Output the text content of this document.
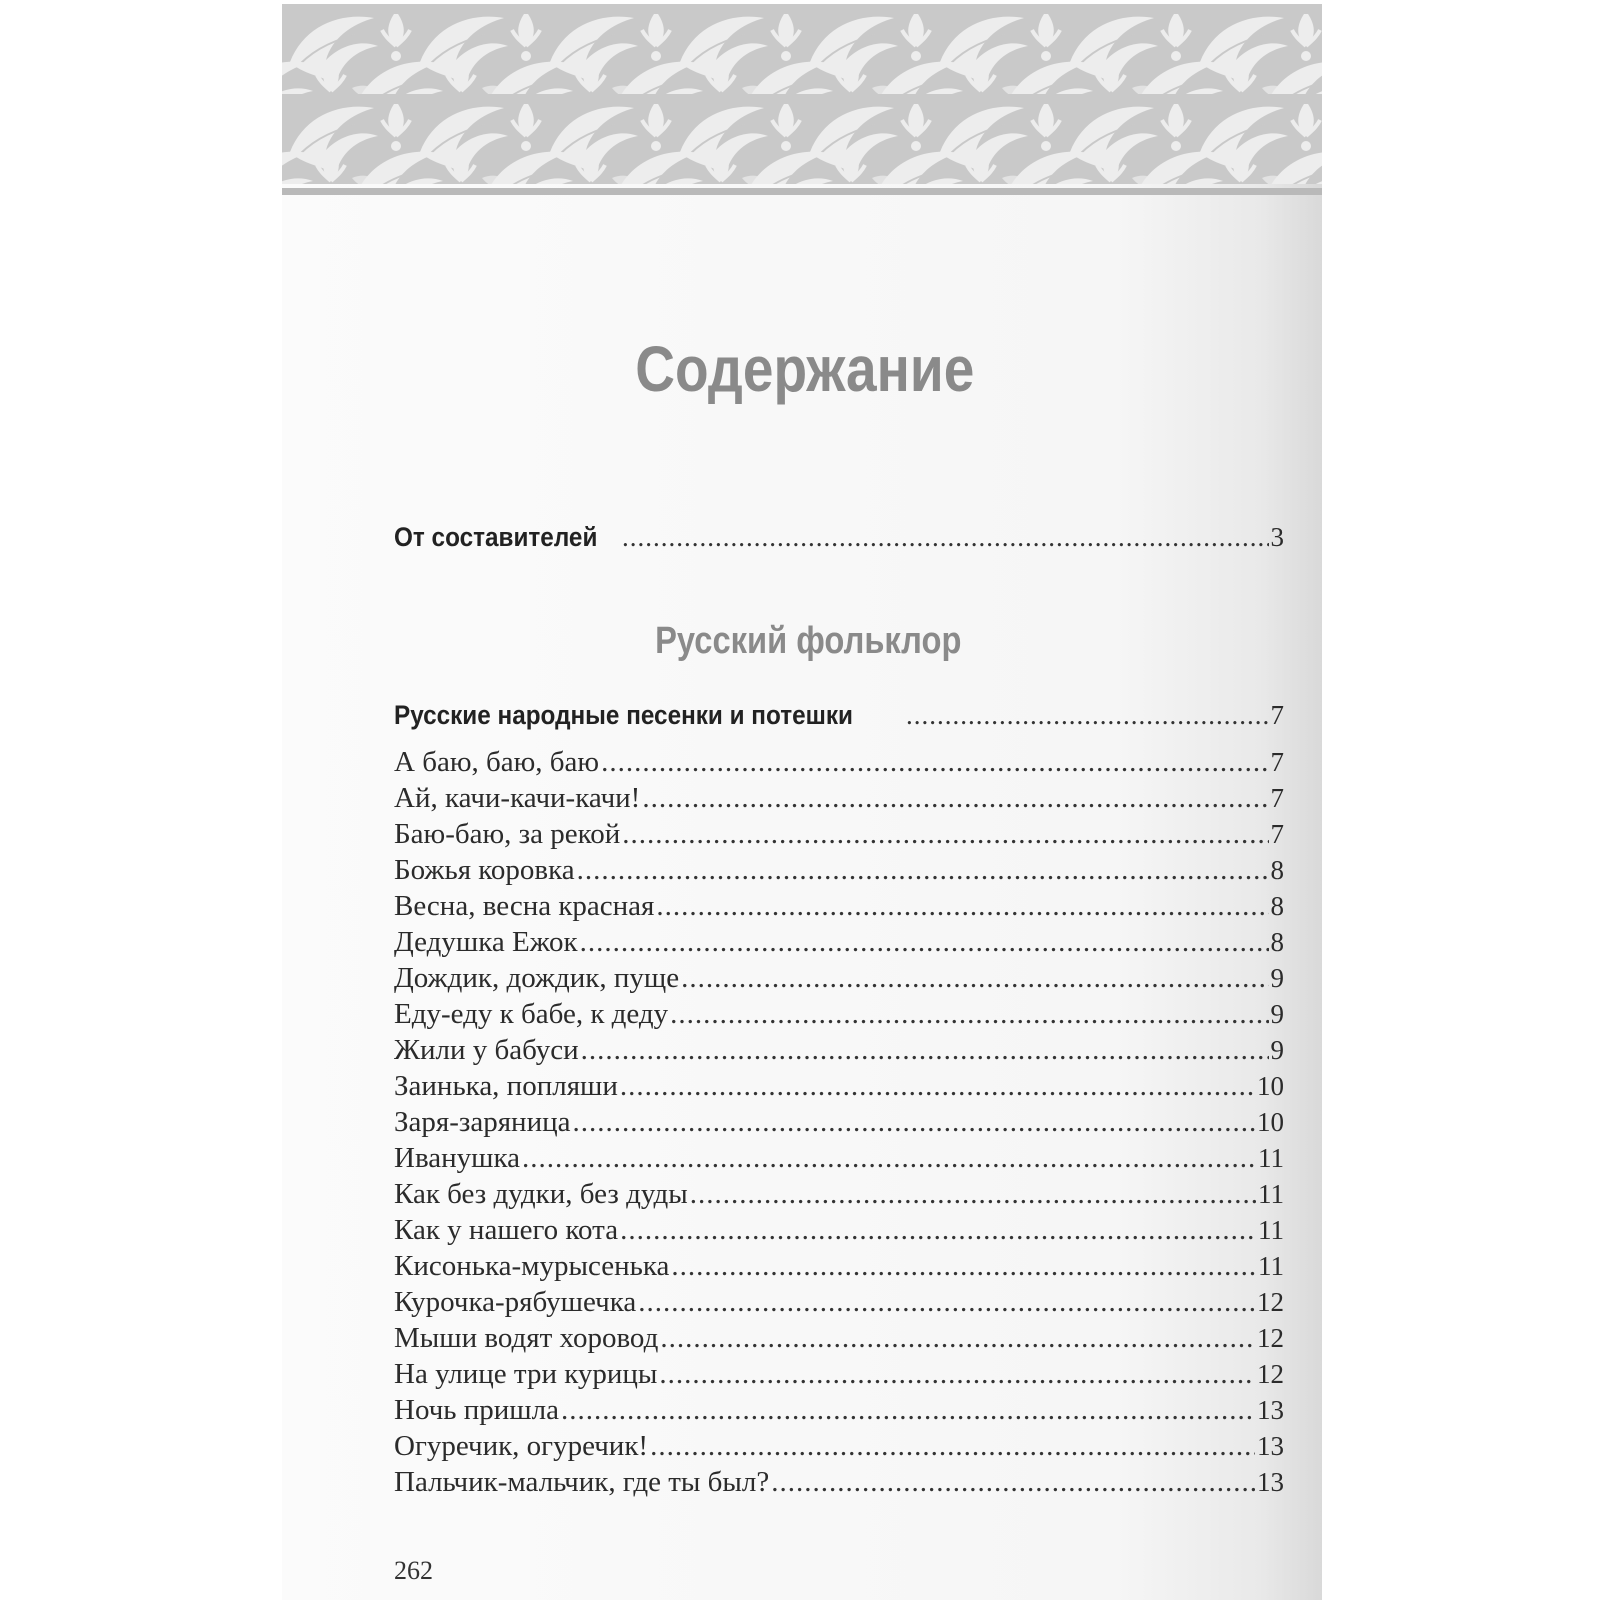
Содержание
От составителей .....	3
Русский фольклор
Русские народные песенки и потешки .....	7
А баю, баю, баю .....	7
Ай, качи-качи-качи! .....	7
Баю-баю, за рекой .....	7
Божья коровка .....	8
Весна, весна красная .....	8
Дедушка Ежок .....	8
Дождик, дождик, пуще .....	9
Еду-еду к бабе, к деду .....	9
Жили у бабуси .....	9
Заинька, попляши .....	10
Заря-заряница .....	10
Иванушка .....	11
Как без дудки, без дуды .....	11
Как у нашего кота .....	11
Кисонька-мурысенька .....	11
Курочка-рябушечка .....	12
Мыши водят хоровод .....	12
На улице три курицы .....	12
Ночь пришла .....	13
Огуречик, огуречик! .....	13
Пальчик-мальчик, где ты был? .....	13
262
